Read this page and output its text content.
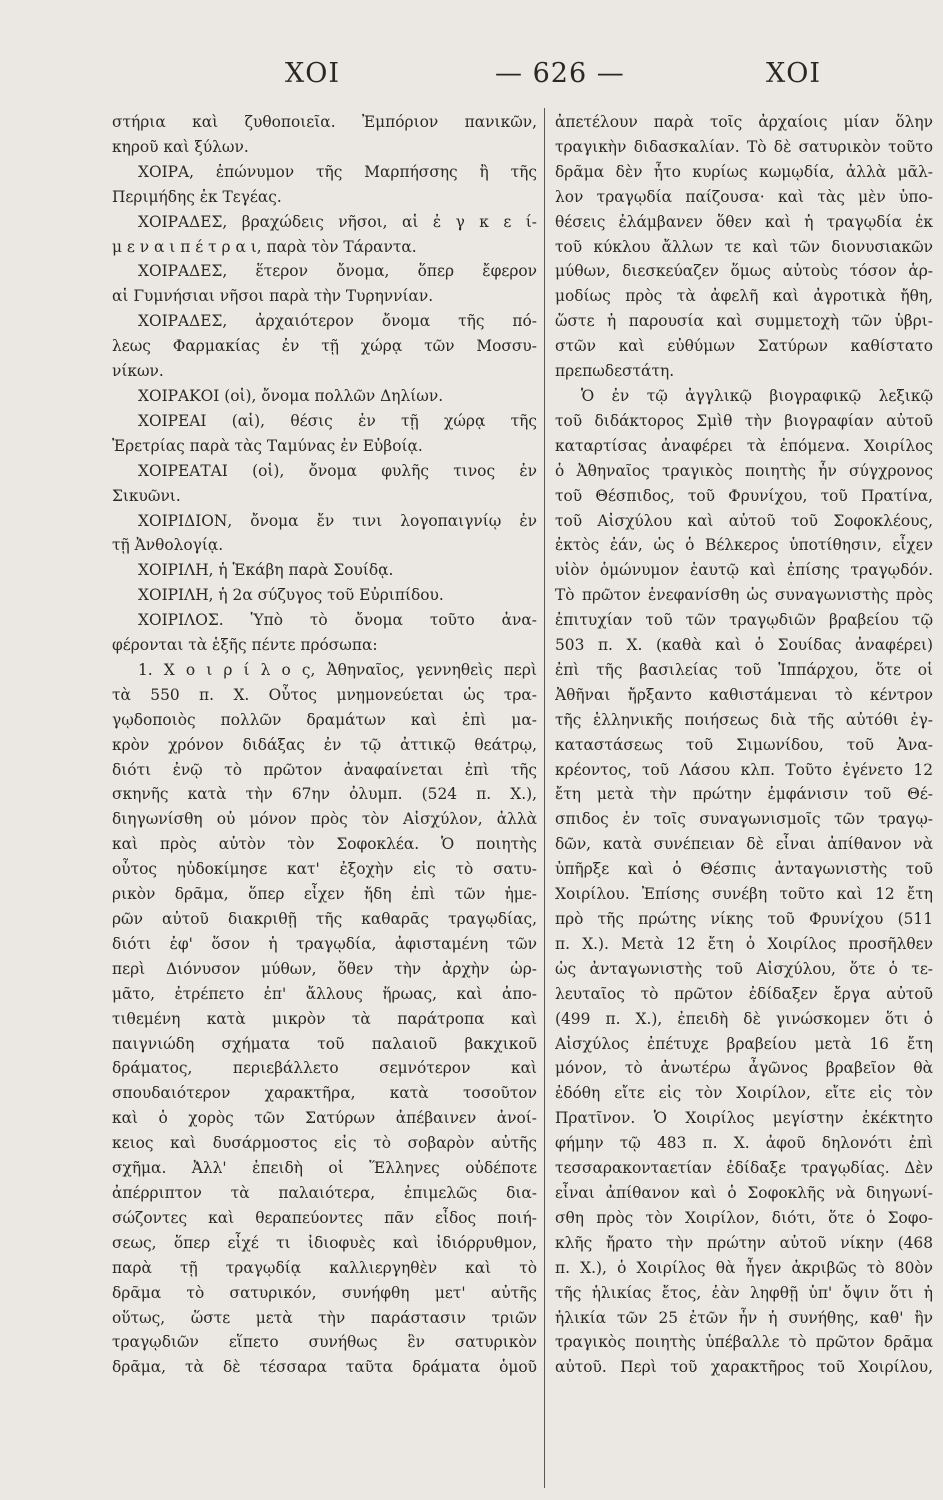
ΧΟΙ	— 626 —	ΧΟΙ
στήρια καὶ ζυθοποιεῖα. Ἐμπόριον πανικῶν,
κηροῦ καὶ ξύλων.
ΧΟΙΡΑ, ἐπώνυμον τῆς Μαρπήσσης ἢ τῆς
Περιμήδης ἐκ Τεγέας.
ΧΟΙΡΑΔΕΣ, βραχώδεις νῆσοι, αἱ ἐ γ κ ε ί-
μ ε ν α ι π έ τ ρ α ι, παρὰ τὸν Τάραντα.
ΧΟΙΡΑΔΕΣ, ἕτερον ὄνομα, ὅπερ ἔφερον
αἱ Γυμνήσιαι νῆσοι παρὰ τὴν Τυρηννίαν.
ΧΟΙΡΑΔΕΣ, ἀρχαιότερον ὄνομα τῆς πό-
λεως Φαρμακίας ἐν τῇ χώρᾳ τῶν Μοσσυ-
νίκων.
ΧΟΙΡΑΚΟΙ (οἱ), ὄνομα πολλῶν Δηλίων.
ΧΟΙΡΕΑΙ (αἱ), θέσις ἐν τῇ χώρᾳ τῆς
Ἐρετρίας παρὰ τὰς Ταμύνας ἐν Εὐβοίᾳ.
ΧΟΙΡΕΑΤΑΙ (οἱ), ὄνομα φυλῆς τινος ἐν
Σικυῶνι.
ΧΟΙΡΙΔΙΟΝ, ὄνομα ἔν τινι λογοπαιγνίῳ ἐν
τῇ Ἀνθολογίᾳ.
ΧΟΙΡΙΛΗ, ἡ Ἑκάβη παρὰ Σουίδᾳ.
ΧΟΙΡΙΛΗ, ἡ 2α σύζυγος τοῦ Εὐριπίδου.
ΧΟΙΡΙΛΟΣ. Ὑπὸ τὸ ὄνομα τοῦτο ἀνα-
φέρονται τὰ ἑξῆς πέντε πρόσωπα:
1. Χ ο ι ρ ί λ ο ς, Ἀθηναῖος, γεννηθεὶς περὶ
τὰ 550 π. Χ. Οὗτος μνημονεύεται ὡς τρα-
γῳδοποιὸς πολλῶν δραμάτων καὶ ἐπὶ μα-
κρὸν χρόνον διδάξας ἐν τῷ ἀττικῷ θεάτρῳ,
διότι ἐνῷ τὸ πρῶτον ἀναφαίνεται ἐπὶ τῆς
σκηνῆς κατὰ τὴν 67ην ὀλυμπ. (524 π. Χ.),
διηγωνίσθη οὐ μόνον πρὸς τὸν Αἰσχύλον, ἀλλὰ
καὶ πρὸς αὐτὸν τὸν Σοφοκλέα. Ὁ ποιητὴς
οὗτος ηὐδοκίμησε κατ' ἐξοχὴν εἰς τὸ σατυ-
ρικὸν δρᾶμα, ὅπερ εἶχεν ἤδη ἐπὶ τῶν ἡμε-
ρῶν αὐτοῦ διακριθῇ τῆς καθαρᾶς τραγῳδίας,
διότι ἐφ' ὅσον ἡ τραγῳδία, ἀφισταμένη τῶν
περὶ Διόνυσον μύθων, ὅθεν τὴν ἀρχὴν ὡρ-
μᾶτο, ἐτρέπετο ἐπ' ἄλλους ἥρωας, καὶ ἀπο-
τιθεμένη κατὰ μικρὸν τὰ παράτροπα καὶ
παιγνιώδη σχήματα τοῦ παλαιοῦ βακχικοῦ
δράματος, περιεβάλλετο σεμνότερον καὶ
σπουδαιότερον χαρακτῆρα, κατὰ τοσοῦτον
καὶ ὁ χορὸς τῶν Σατύρων ἀπέβαινεν ἀνοί-
κειος καὶ δυσάρμοστος εἰς τὸ σοβαρὸν αὐτῆς
σχῆμα. Ἀλλ' ἐπειδὴ οἱ Ἕλληνες οὐδέποτε
ἀπέρριπτον τὰ παλαιότερα, ἐπιμελῶς δια-
σώζοντες καὶ θεραπεύοντες πᾶν εἶδος ποιή-
σεως, ὅπερ εἶχέ τι ἰδιοφυὲς καὶ ἰδιόρρυθμον,
παρὰ τῇ τραγῳδίᾳ καλλιεργηθὲν καὶ τὸ
δρᾶμα τὸ σατυρικόν, συνήφθη μετ' αὐτῆς
οὕτως, ὥστε μετὰ τὴν παράστασιν τριῶν
τραγῳδιῶν εἵπετο συνήθως ἓν σατυρικὸν
δρᾶμα, τὰ δὲ τέσσαρα ταῦτα δράματα ὁμοῦ
ἀπετέλουν παρὰ τοῖς ἀρχαίοις μίαν ὅλην
τραγικὴν διδασκαλίαν. Τὸ δὲ σατυρικὸν τοῦτο
δρᾶμα δὲν ἦτο κυρίως κωμῳδία, ἀλλὰ μᾶλ-
λον τραγῳδία παίζουσα· καὶ τὰς μὲν ὑπο-
θέσεις ἐλάμβανεν ὅθεν καὶ ἡ τραγῳδία ἐκ
τοῦ κύκλου ἄλλων τε καὶ τῶν διονυσιακῶν
μύθων, διεσκεύαζεν ὅμως αὐτοὺς τόσον ἁρ-
μοδίως πρὸς τὰ ἀφελῆ καὶ ἀγροτικὰ ἤθη,
ὥστε ἡ παρουσία καὶ συμμετοχὴ τῶν ὑβρι-
στῶν καὶ εὐθύμων Σατύρων καθίστατο
πρεπωδεστάτη.
Ὁ ἐν τῷ ἀγγλικῷ βιογραφικῷ λεξικῷ
τοῦ διδάκτορος Σμὶθ τὴν βιογραφίαν αὐτοῦ
καταρτίσας ἀναφέρει τὰ ἑπόμενα. Χοιρίλος
ὁ Ἀθηναῖος τραγικὸς ποιητὴς ἦν σύγχρονος
τοῦ Θέσπιδος, τοῦ Φρυνίχου, τοῦ Πρατίνα,
τοῦ Αἰσχύλου καὶ αὐτοῦ τοῦ Σοφοκλέους,
ἐκτὸς ἐάν, ὡς ὁ Βέλκερος ὑποτίθησιν, εἶχεν
υἱὸν ὁμώνυμον ἑαυτῷ καὶ ἐπίσης τραγῳδόν.
Τὸ πρῶτον ἐνεφανίσθη ὡς συναγωνιστὴς πρὸς
ἐπιτυχίαν τοῦ τῶν τραγῳδιῶν βραβείου τῷ
503 π. Χ. (καθὰ καὶ ὁ Σουίδας ἀναφέρει)
ἐπὶ τῆς βασιλείας τοῦ Ἱππάρχου, ὅτε οἱ
Ἀθῆναι ἤρξαντο καθιστάμεναι τὸ κέντρον
τῆς ἑλληνικῆς ποιήσεως διὰ τῆς αὐτόθι ἐγ-
καταστάσεως τοῦ Σιμωνίδου, τοῦ Ἀνα-
κρέοντος, τοῦ Λάσου κλπ. Τοῦτο ἐγένετο 12
ἔτη μετὰ τὴν πρώτην ἐμφάνισιν τοῦ Θέ-
σπιδος ἐν τοῖς συναγωνισμοῖς τῶν τραγῳ-
δῶν, κατὰ συνέπειαν δὲ εἶναι ἀπίθανον νὰ
ὑπῆρξε καὶ ὁ Θέσπις ἀνταγωνιστὴς τοῦ
Χοιρίλου. Ἐπίσης συνέβη τοῦτο καὶ 12 ἔτη
πρὸ τῆς πρώτης νίκης τοῦ Φρυνίχου (511
π. Χ.). Μετὰ 12 ἔτη ὁ Χοιρίλος προσῆλθεν
ὡς ἀνταγωνιστὴς τοῦ Αἰσχύλου, ὅτε ὁ τε-
λευταῖος τὸ πρῶτον ἐδίδαξεν ἔργα αὐτοῦ
(499 π. Χ.), ἐπειδὴ δὲ γινώσκομεν ὅτι ὁ
Αἰσχύλος ἐπέτυχε βραβείου μετὰ 16 ἔτη
μόνον, τὸ ἀνωτέρω ἆγῶνος βραβεῖον θὰ
ἐδόθη εἴτε εἰς τὸν Χοιρίλον, εἴτε εἰς τὸν
Πρατῖνον. Ὁ Χοιρίλος μεγίστην ἐκέκτητο
φήμην τῷ 483 π. Χ. ἀφοῦ δηλονότι ἐπὶ
τεσσαρακονταετίαν ἐδίδαξε τραγῳδίας. Δὲν
εἶναι ἀπίθανον καὶ ὁ Σοφοκλῆς νὰ διηγωνί-
σθη πρὸς τὸν Χοιρίλον, διότι, ὅτε ὁ Σοφο-
κλῆς ἤρατο τὴν πρώτην αὐτοῦ νίκην (468
π. Χ.), ὁ Χοιρίλος θὰ ἦγεν ἀκριβῶς τὸ 80ὸν
τῆς ἡλικίας ἔτος, ἐὰν ληφθῇ ὑπ' ὄψιν ὅτι ἡ
ἡλικία τῶν 25 ἐτῶν ἦν ἡ συνήθης, καθ' ἣν
τραγικὸς ποιητὴς ὑπέβαλλε τὸ πρῶτον δρᾶμα
αὐτοῦ. Περὶ τοῦ χαρακτῆρος τοῦ Χοιρίλου,
